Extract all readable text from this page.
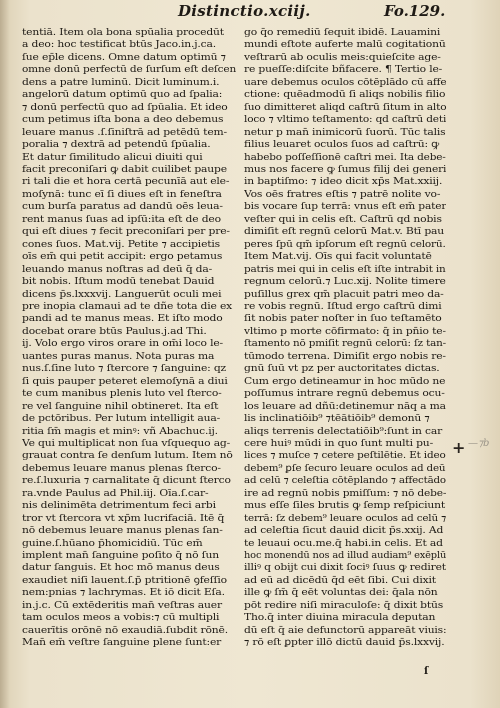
Distinctio.xciij.	Fo.129.
tentiā. Item ola bona spūalia procedūt
a deo: hoc testificat btūs Jaco.in.j.ca.
ſue ep̄le dicens. Omne datum optimū ⁊
omne donū perfectū de ſurſum eſt deſcen
dens a patre luminū. Dicit luminum.i.
angelorū datum optimū quo ad ſpalia:
⁊ donū perfectū quo ad ſpūalia. Et ideo
cum petimus iſta bona a deo debemus
leuare manus .ſ.ſiniſtrā ad petēdū tem-
poralia ⁊ dextrā ad petendū ſpūalia.
Et datur ſimilitudo alicui diuiti qui
facit preconiſari ꝙ dabit cuilibet paupe
ri tali die et hora certā pecunīā aut ele-
moſynā: tunc eī ſi diues eſt in feneſtra
cum burſa paratus ad dandū oēs leua-
rent manus ſuas ad ipſū:ita eſt de deo
qui eſt diues ⁊ fecit preconiſari per pre-
cones ſuos. Mat.vij. Petite ⁊ accipietis
oīs em̄ qui petit accipit: ergo petamus
leuando manus noſtras ad deū q̄ da-
bit nobis. Iſtum modū tenebat Dauid
dicens p̄s.lxxxvij. Languerūt oculi mei
pre inopia clamaui ad te dñe tota die ex
pandi ad te manus meas. Et iſto modo
docebat orare btūs Paulus.j.ad Thi.
ij. Volo ergo viros orare in om̄i loco le-
uantes puras manus. Nota puras ma
nus.ſ.ſine luto ⁊ ſtercore ⁊ ſanguine: qz
ſi quis pauper peteret elemoſynā a diui
te cum manibus plenis luto vel ſterco-
re vel ſanguine nihil obtineret. Ita eſt
de pctōribus. Per lutum intelligit aua-
ritia ſm̄ magis et minꝰ: vñ Abachuc.ij.
Ve qui multiplicat non ſua vſquequo ag-
grauat contra ſe denſum lutum. Item nō
debemus leuare manus plenas ſterco-
re.ſ.luxuria ⁊ carnalitate q̄ dicunt ſterco
ra.vnde Paulus ad Phil.iij. Oīa.ſ.car-
nis delinimēta detrimentum feci arbi
tror vt ſtercora vt xp̄m lucrifaciā. Itē q̄
nō debemus leuare manus plenas ſan-
guine.ſ.hūano p̄homicidiū. Tūc em̄
implent man̄ ſanguine poſito q̄ nō ſun
datur ſanguis. Et hoc mō manus deus
exaudiet niſi lauent.ſ.p̄ ptritionē ꝯfeſſio
nem:pnias ⁊ lachrymas. Et iō dicit Eſa.
in.j.c. Cū extēderitis man̄ veſtras auer
tam oculos meos a vobis:⁊ cū multipli
cauerītis orōnē nō exaudiā.ſubdit rōnē.
Man̄ em̄ veſtre ſanguine plene ſunt:er
go q̄o remediū ſequit ibidē. Lauamini
mundi eſtote auferte malū cogitationū
veſtrarū ab oculis meis:quieſcite age-
re pueſſe:diſcite bñfacere. ¶ Tertio le-
uare debemus oculos cōtēplādo cū affe
ctione: quēadmodū ſi aliqs nobilis filio
ſuo dimitteret aliqd caſtrū ſitum in alto
loco ⁊ vltimo teſtamento: qd caſtrū deti
netur p man̄ inimicorū ſuorū. Tūc talis
filius leuaret oculos ſuos ad caſtrū: ꝙ
habebo poſſeſſionē caſtri mei. Ita debe-
mus nos facere ꝙ ſumus filij dei generi
in baptiſmo: ⁊ ideo dicit xp̄s Mat.xxiij.
Vos oēs fratres eſtis ⁊ patrē nolite vo-
bis vocare ſup terrā: vnus eſt em̄ pater
veſter qui in celis eſt. Caſtrū qd nobis
dimiſit eſt regnū celorū Mat.v. Btī pau
peres ſpū qm̄ ipſorum eſt regnū celorū.
Item Mat.vij. Oīs qui facit voluntatē
patris mei qui in celis eſt iſte intrabit in
regnum celorū.⁊ Luc.xij. Nolite timere
puſillus grex qm̄ placuit patri meo da-
re vobis regnū. Iſtud ergo caſtrū dimi
ſit nobis pater noſter in ſuo teſtamēto
vltimo p morte cōfirmato: q̄ in pn̄io te-
ſtamento nō pmiſit regnū celorū: ſz tan-
tūmodo terrena. Dimiſit ergo nobis re-
gnū ſuū vt pz per auctoritates dictas.
Cum ergo detineamur in hoc mūdo ne
poſſumus intrare regnū debemus ocu-
los leuare ad dñū:detinemur nāq a ma
lis inclinatiōib⁹ ⁊tēātiōib⁹ demonū ⁊
aliqs terrenis delectatiōib⁹:ſunt in car
cere huiꝰ mūdi in quo ſunt multi pu-
lices ⁊ muſce ⁊ cetere peſtilētie. Et ideo
debem⁹ ꝑſe ſecuro leuare oculos ad deū
ad celū ⁊ celeſtia cōtēplando ⁊ affectādo
ire ad regnū nobis pmiſſum: ⁊ nō debe-
mus eſſe ſiles brutis ꝙ ſemp reſpiciunt
terrā: ſz debem⁹ leuare oculos ad celū ⁊
ad celeſtia ſicut dauid dicit p̄s.xxij. Ad
te leuaui ocu.me.q̄ habi.in celis. Et ad
hoc monendū nos ad illud audiam⁹ exēplū
illiꝰ q obijt cui dixit ſociꝰ ſuus ꝙ rediret
ad eū ad dicēdū q̄d eēt ſibi. Cui dixit
ille ꝙ ſm̄ q̄ eēt voluntas dei: q̄ala nōn
pōt redire niſi miraculoſe: q̄ dixit btūs
Tho.q̄ inter diuina miracula deputan
dū eſt q̄ aie defunctorū appareāt viuis:
⁊ rō eſt ꝑpter illō dictū dauid p̄s.lxxvij.
+ —⁊b
ſ
